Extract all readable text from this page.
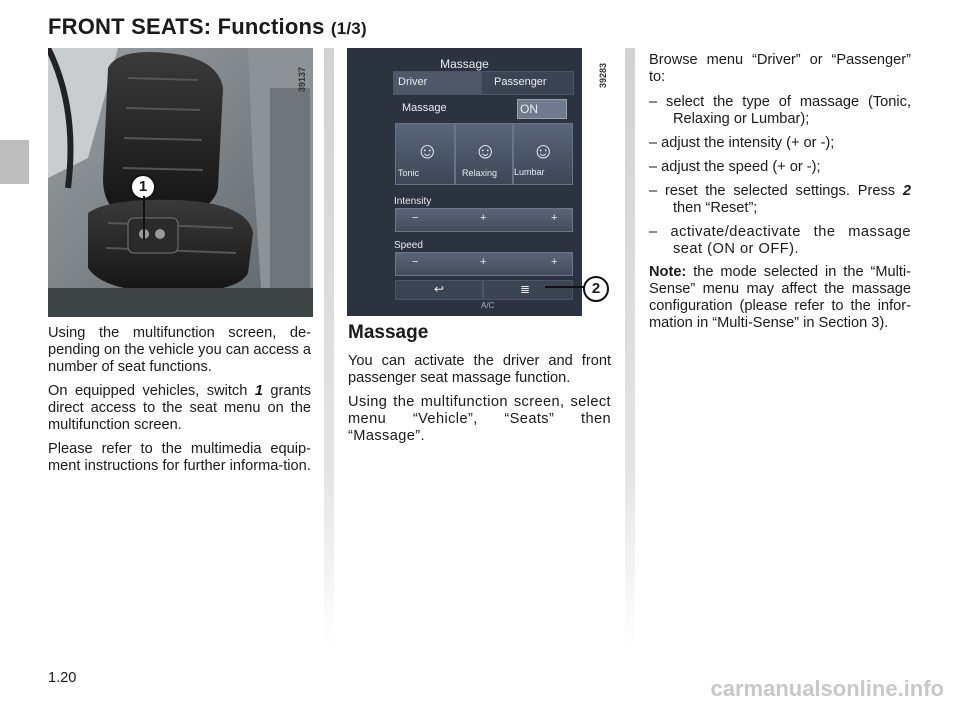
FRONT SEATS: Functions (1/3)
39137
1

Using the multifunction screen, de-pending on the vehicle you can access a number of seat functions.

On equipped vehicles, switch 1 grants direct access to the seat menu on the multifunction screen.

Please refer to the multimedia equip-ment instructions for further informa-tion.

Massage
Driver	Passenger
Massage	ON
☺
Tonic
☺
Relaxing
☺
Lumbar
Intensity
−	+	+
Speed
−	+	+
↩	≣
A/C
39283
2
Massage

You can activate the driver and front passenger seat massage function.

Using the multifunction screen, select menu “Vehicle”, “Seats” then “Massage”.

Browse menu “Driver” or “Passenger” to:

– select the type of massage (Tonic, Relaxing or Lumbar);
– adjust the intensity (+ or -);
– adjust the speed (+ or -);
– reset the selected settings. Press 2 then “Reset”;
– activate/deactivate the massage seat (ON or OFF).

Note: the mode selected in the “Multi-Sense” menu may affect the massage configuration (please refer to the infor-mation in “Multi-Sense” in Section 3).

1.20	carmanualsonline.info
